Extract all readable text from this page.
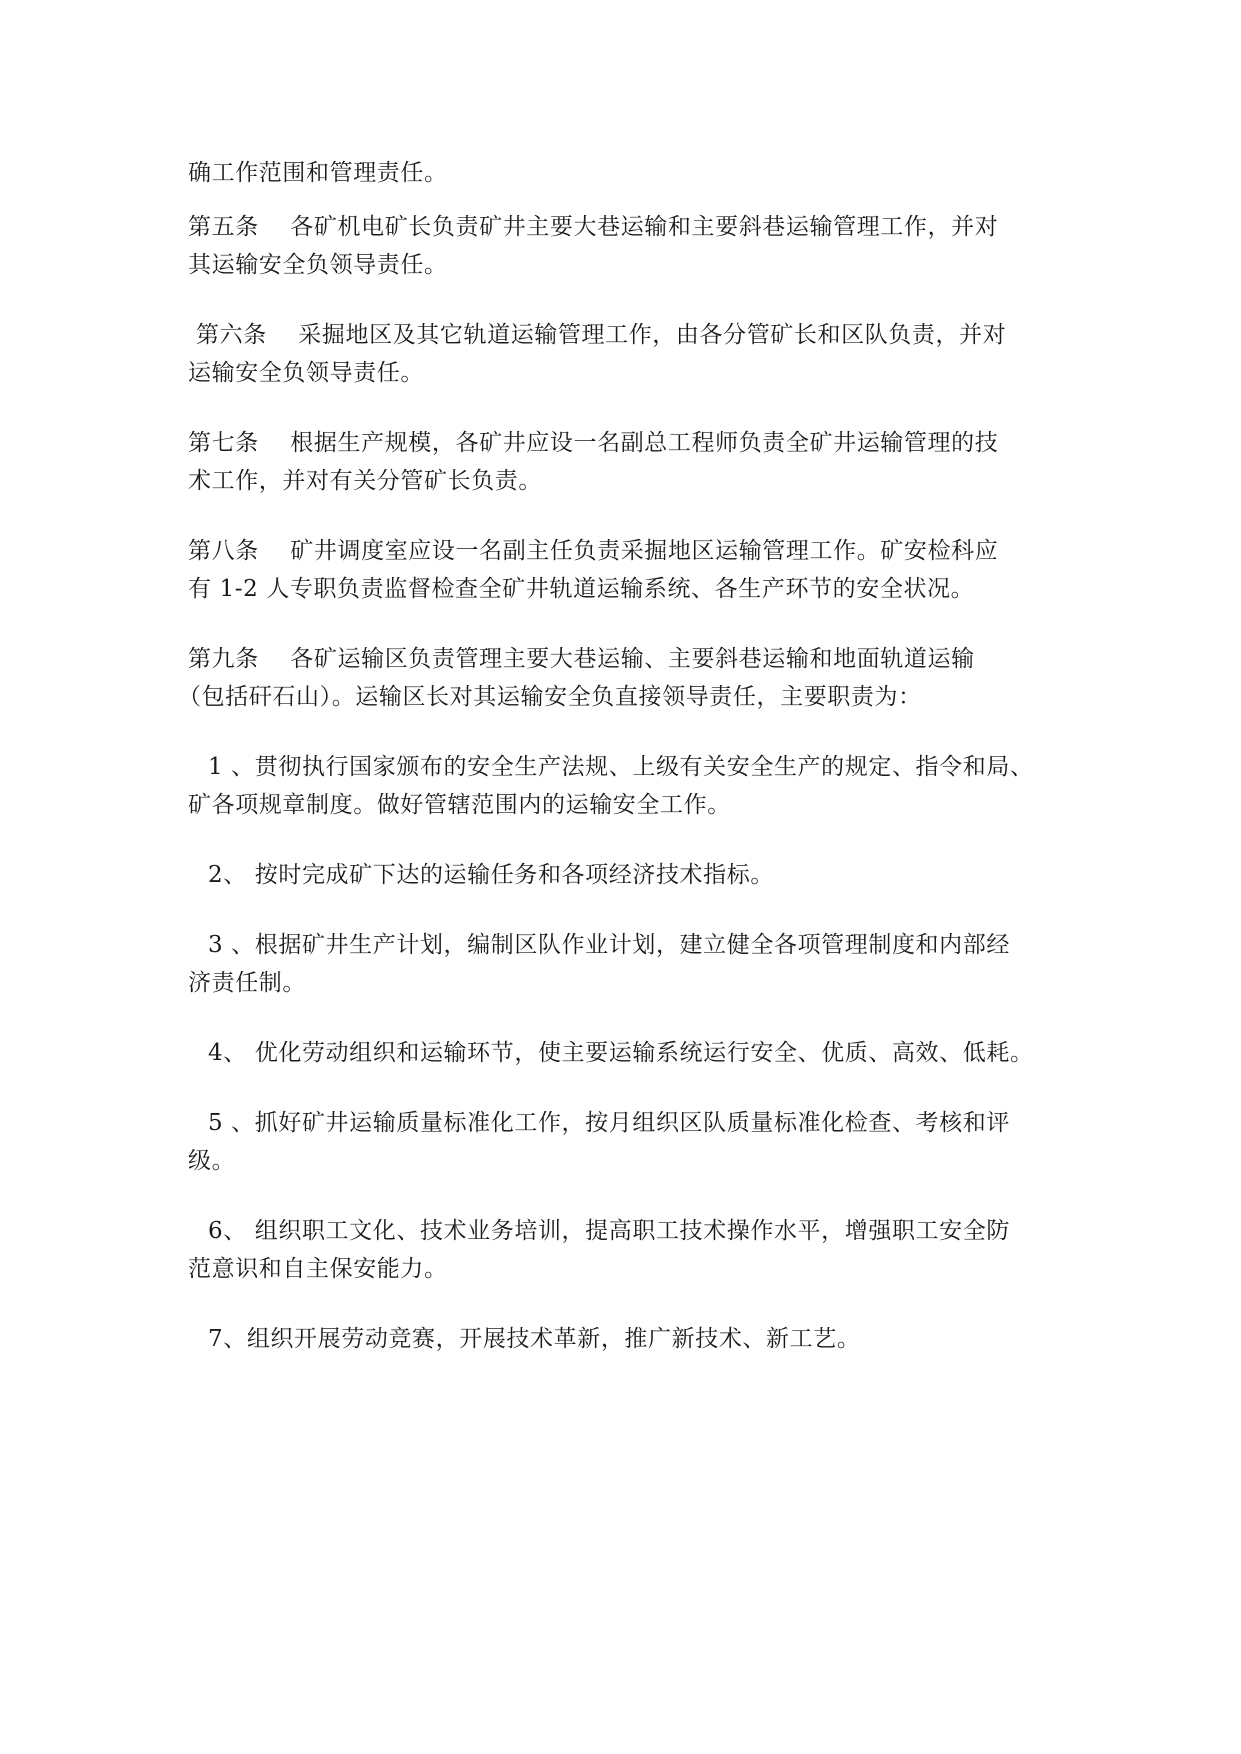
确工作范围和管理责任。

第五条　 各矿机电矿长负责矿井主要大巷运输和主要斜巷运输管理工作，并对

其运输安全负领导责任。

第六条　 采掘地区及其它轨道运输管理工作，由各分管矿长和区队负责，并对

运输安全负领导责任。

第七条　 根据生产规模，各矿井应设一名副总工程师负责全矿井运输管理的技

术工作，并对有关分管矿长负责。

第八条　 矿井调度室应设一名副主任负责采掘地区运输管理工作。矿安检科应

有 1-2 人专职负责监督检查全矿井轨道运输系统、各生产环节的安全状况。

第九条　 各矿运输区负责管理主要大巷运输、主要斜巷运输和地面轨道运输

（包括矸石山）。运输区长对其运输安全负直接领导责任，主要职责为：

1 、贯彻执行国家颁布的安全生产法规、上级有关安全生产的规定、指令和局、

矿各项规章制度。做好管辖范围内的运输安全工作。

2、 按时完成矿下达的运输任务和各项经济技术指标。

3 、根据矿井生产计划，编制区队作业计划，建立健全各项管理制度和内部经

济责任制。

4、 优化劳动组织和运输环节，使主要运输系统运行安全、优质、高效、低耗。

5 、抓好矿井运输质量标准化工作，按月组织区队质量标准化检查、考核和评

级。

6、 组织职工文化、技术业务培训，提高职工技术操作水平，增强职工安全防

范意识和自主保安能力。

7、组织开展劳动竞赛，开展技术革新，推广新技术、新工艺。
